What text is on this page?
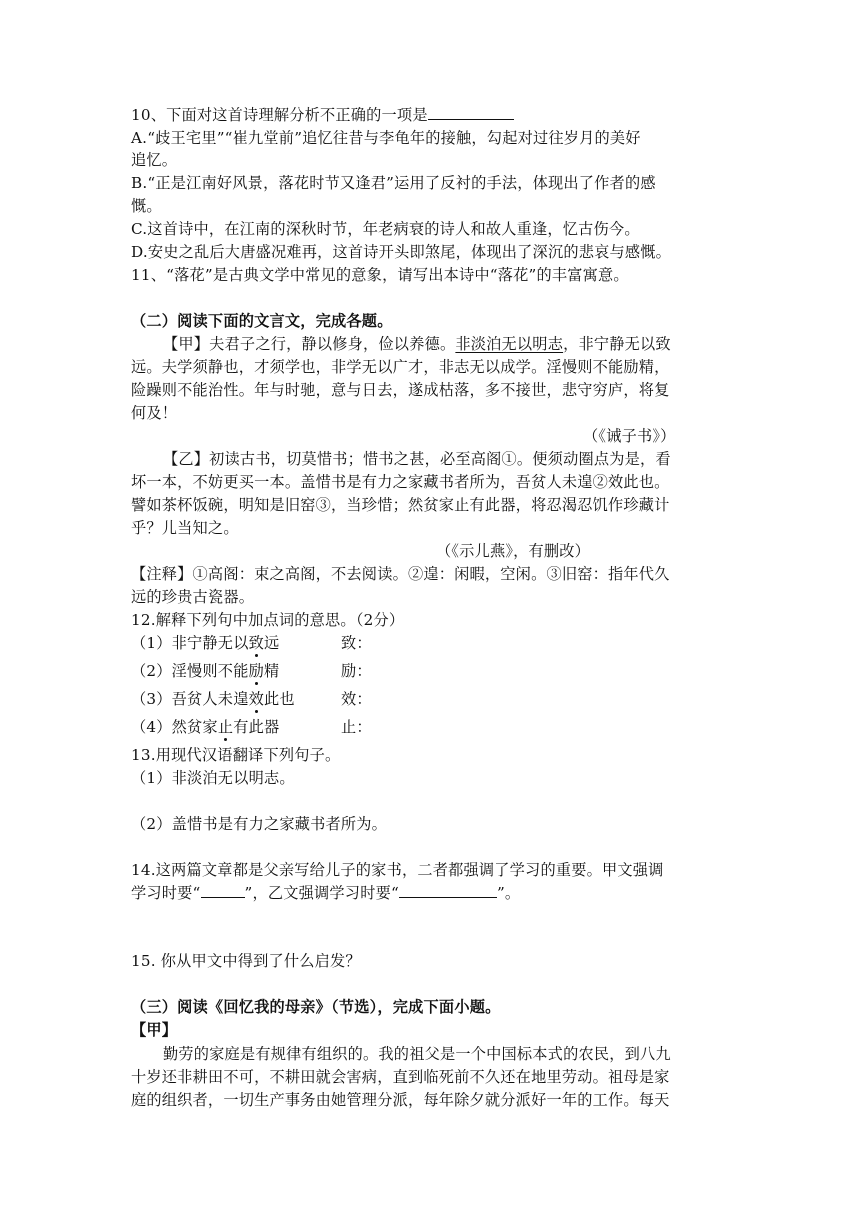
10、下面对这首诗理解分析不正确的一项是
A.“歧王宅里”“崔九堂前”追忆往昔与李龟年的接触，勾起对过往岁月的美好
追忆。
B.“正是江南好风景，落花时节又逢君”运用了反衬的手法，体现出了作者的感
慨。
C.这首诗中，在江南的深秋时节，年老病衰的诗人和故人重逢，忆古伤今。
D.安史之乱后大唐盛况难再，这首诗开头即煞尾，体现出了深沉的悲哀与感慨。
11、“落花”是古典文学中常见的意象，请写出本诗中“落花”的丰富寓意。
（二）阅读下面的文言文，完成各题。
【甲】夫君子之行，静以修身，俭以养德。非淡泊无以明志，非宁静无以致
远。夫学须静也，才须学也，非学无以广才，非志无以成学。淫慢则不能励精，
险躁则不能治性。年与时驰，意与日去，遂成枯落，多不接世，悲守穷庐，将复
何及！
（《诫子书》）
【乙】初读古书，切莫惜书；惜书之甚，必至高阁①。便须动圈点为是，看
坏一本，不妨更买一本。盖惜书是有力之家藏书者所为，吾贫人未遑②效此也。
譬如茶杯饭碗，明知是旧窑③，当珍惜；然贫家止有此器，将忍渴忍饥作珍藏计
乎？儿当知之。
（《示儿燕》，有删改）
【注释】①高阁：束之高阁，不去阅读。②遑：闲暇，空闲。③旧窑：指年代久
远的珍贵古瓷器。
12.解释下列句中加点词的意思。（2分）
（1）非宁静无以致远	致：
（2）淫慢则不能励精	励：
（3）吾贫人未遑效此也	效：
（4）然贫家止有此器	止：
13.用现代汉语翻译下列句子。
（1）非淡泊无以明志。
（2）盖惜书是有力之家藏书者所为。
14.这两篇文章都是父亲写给儿子的家书，二者都强调了学习的重要。甲文强调
学习时要“	”，乙文强调学习时要“	”。
15. 你从甲文中得到了什么启发？
（三）阅读《回忆我的母亲》（节选），完成下面小题。
【甲】
勤劳的家庭是有规律有组织的。我的祖父是一个中国标本式的农民，到八九
十岁还非耕田不可，不耕田就会害病，直到临死前不久还在地里劳动。祖母是家
庭的组织者，一切生产事务由她管理分派，每年除夕就分派好一年的工作。每天
